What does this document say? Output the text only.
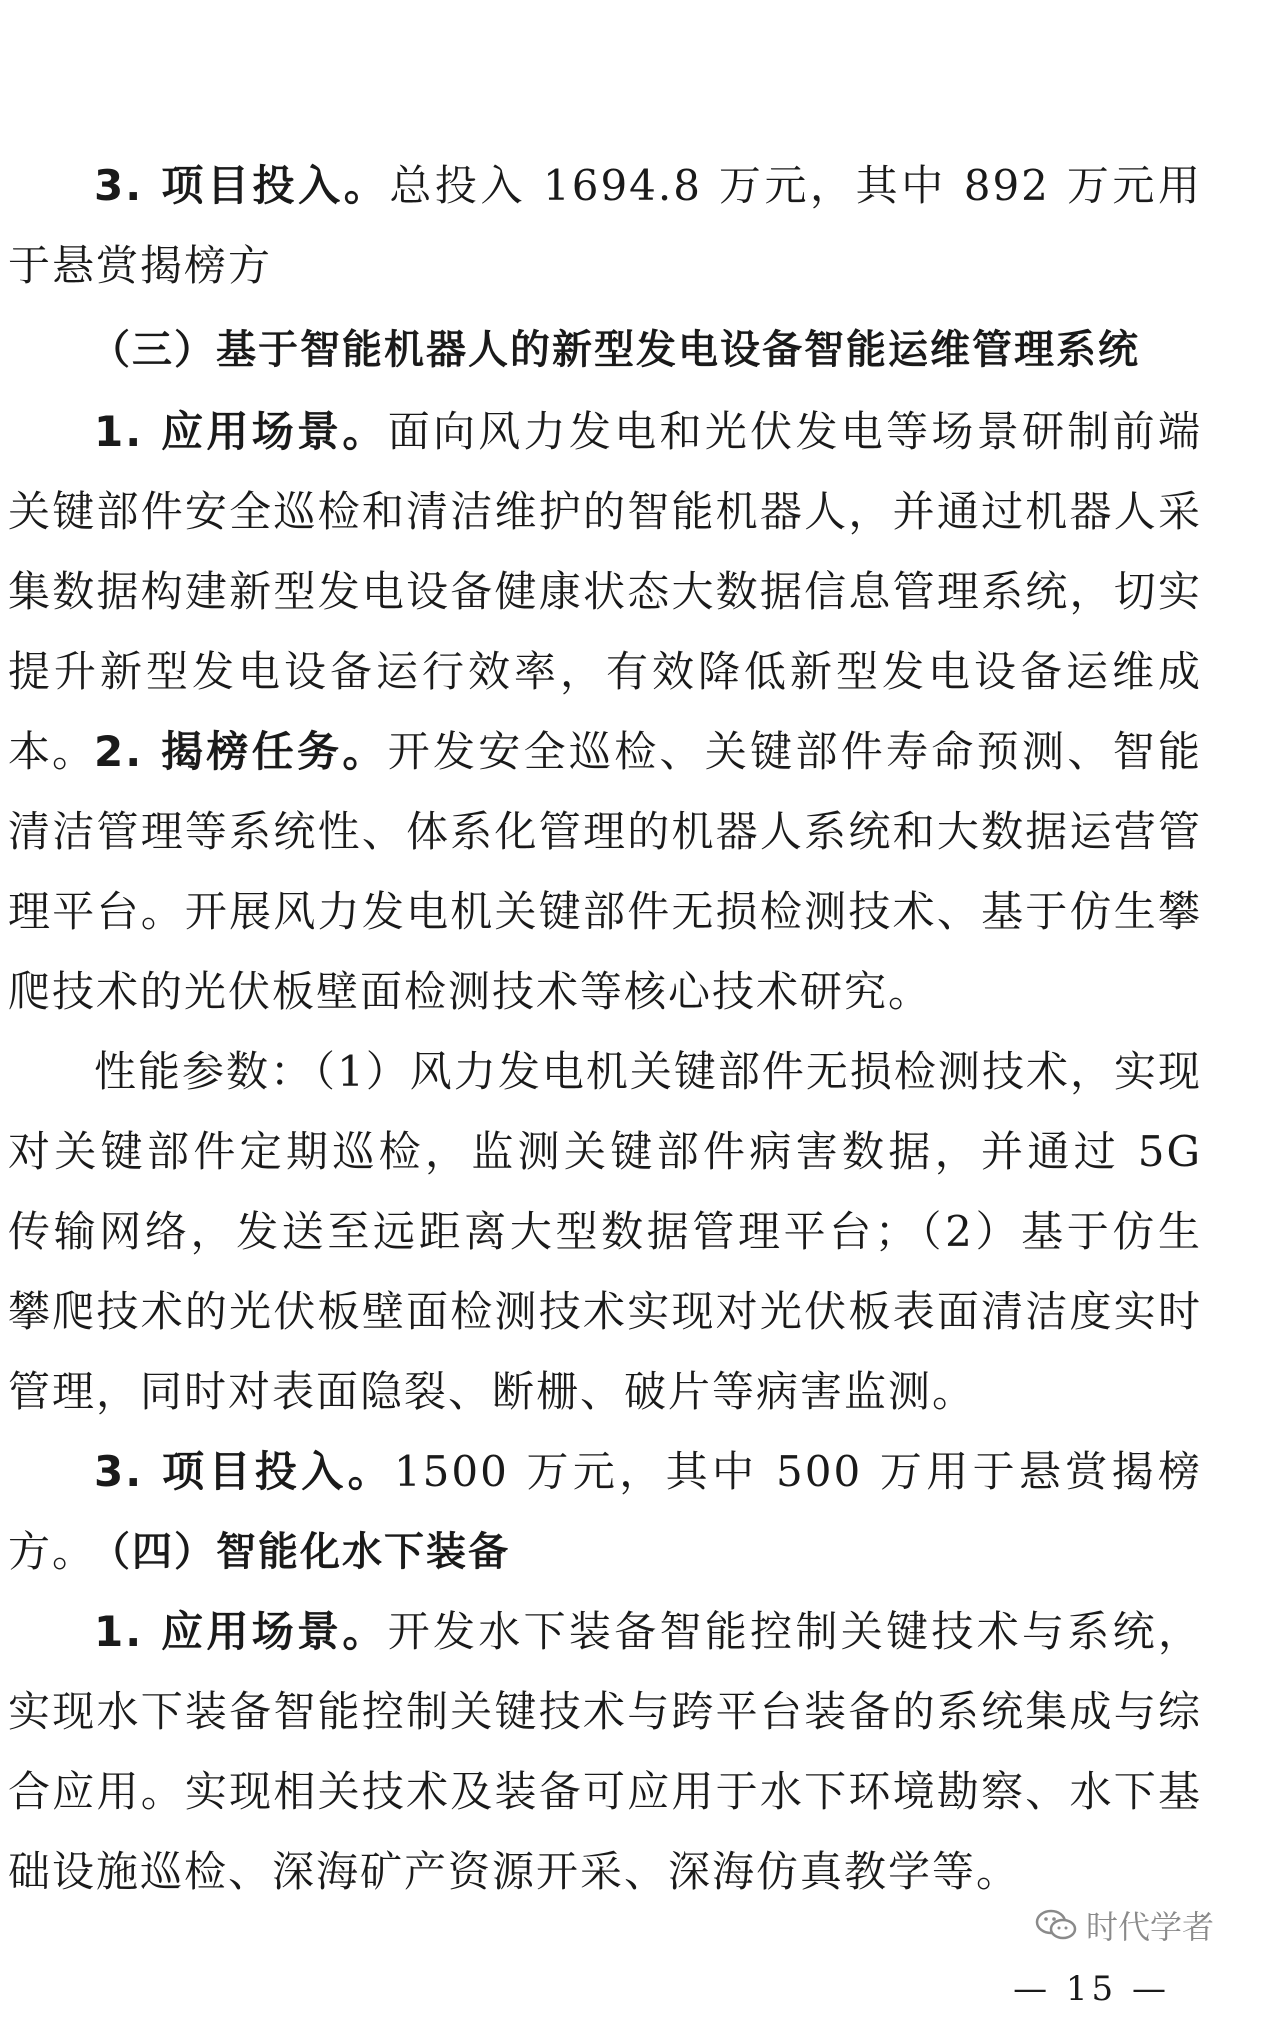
3. 项目投入。总投入 1694.8 万元，其中 892 万元用于悬赏揭榜方

（三）基于智能机器人的新型发电设备智能运维管理系统

1. 应用场景。面向风力发电和光伏发电等场景研制前端关键部件安全巡检和清洁维护的智能机器人，并通过机器人采集数据构建新型发电设备健康状态大数据信息管理系统，切实提升新型发电设备运行效率，有效降低新型发电设备运维成本。

2. 揭榜任务。开发安全巡检、关键部件寿命预测、智能清洁管理等系统性、体系化管理的机器人系统和大数据运营管理平台。开展风力发电机关键部件无损检测技术、基于仿生攀爬技术的光伏板壁面检测技术等核心技术研究。

性能参数：（1）风力发电机关键部件无损检测技术，实现对关键部件定期巡检，监测关键部件病害数据，并通过 5G 传输网络，发送至远距离大型数据管理平台；（2）基于仿生攀爬技术的光伏板壁面检测技术实现对光伏板表面清洁度实时管理，同时对表面隐裂、断栅、破片等病害监测。

3. 项目投入。1500 万元，其中 500 万用于悬赏揭榜方。

（四）智能化水下装备

1. 应用场景。开发水下装备智能控制关键技术与系统，实现水下装备智能控制关键技术与跨平台装备的系统集成与综合应用。实现相关技术及装备可应用于水下环境勘察、水下基础设施巡检、深海矿产资源开采、深海仿真教学等。

时代学者
— 15 —
